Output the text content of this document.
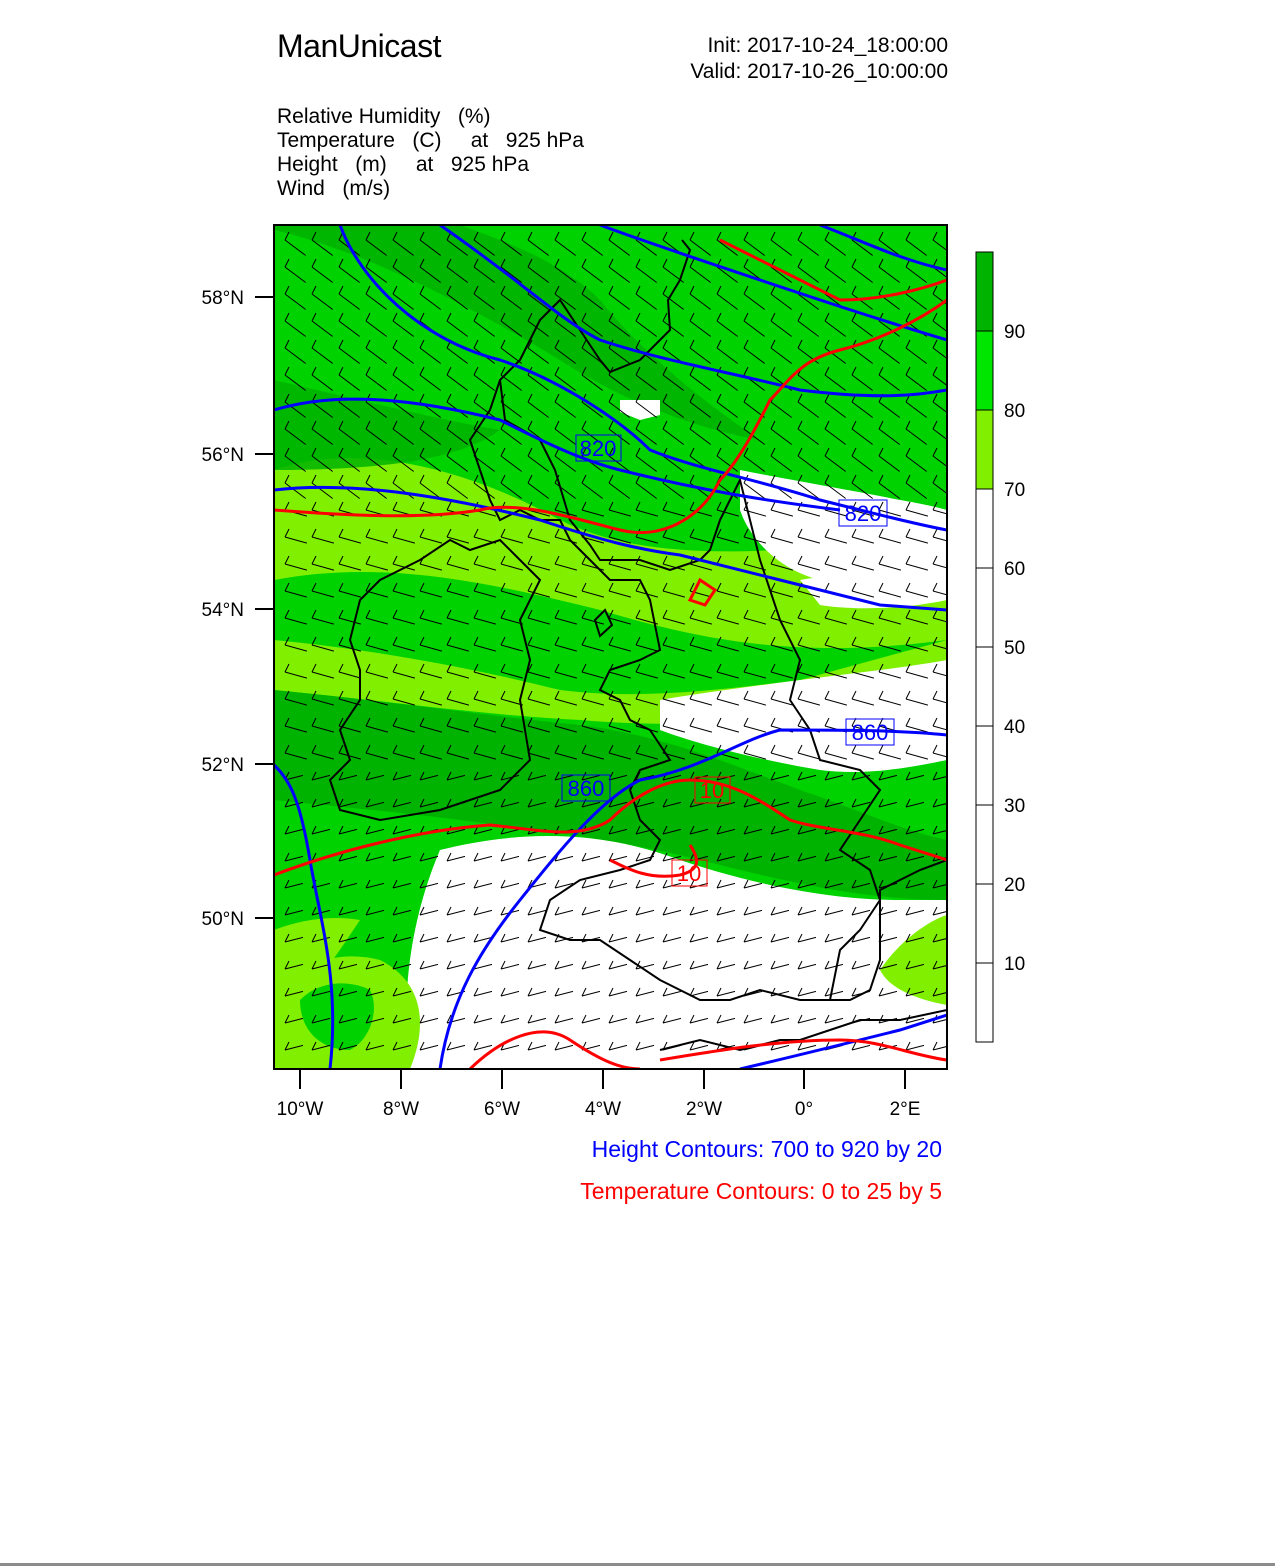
ManUnicast	Init: 2017-10-24_18:00:00
Valid: 2017-10-26_10:00:00
Relative Humidity   (%)
Temperature   (C)     at   925 hPa
Height   (m)     at   925 hPa
Wind   (m/s)
820
820
860
860	10
10
58°N
56°N
54°N
52°N
50°N
10°W	8°W	6°W	4°W	2°W	0°	2°E
90
80
70
60
50
40
30
20
10
Height Contours: 700 to 920 by 20
Temperature Contours: 0 to 25 by 5
